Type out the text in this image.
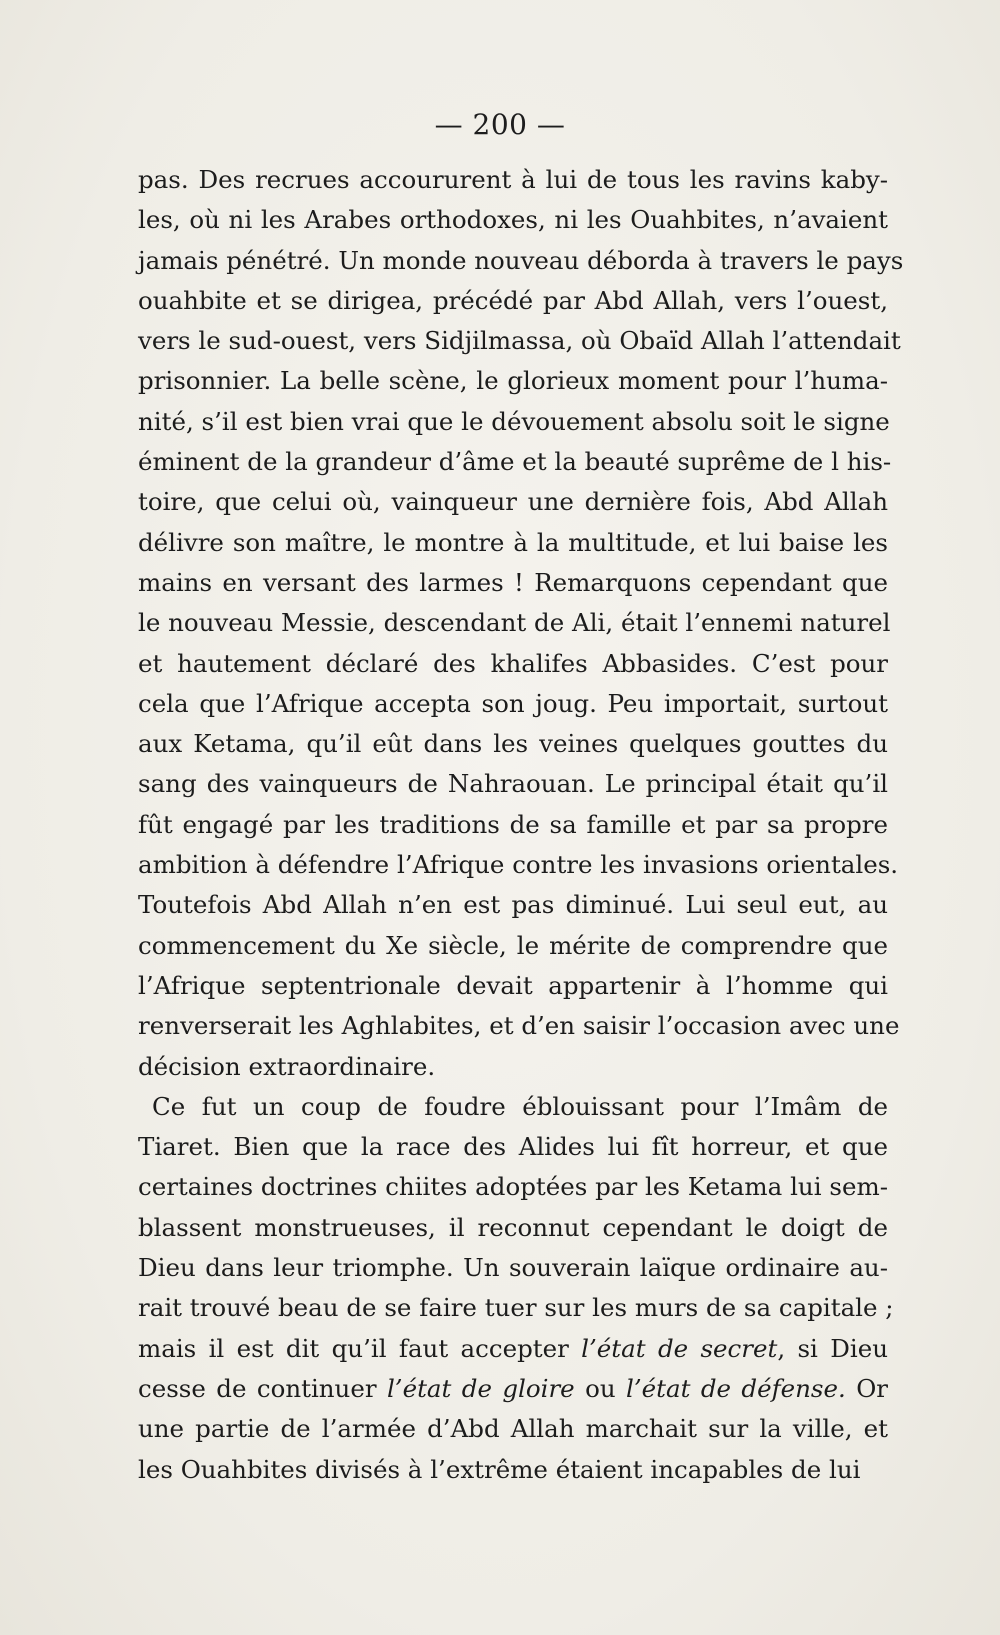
— 200 —
pas. Des recrues accoururent à lui de tous les ravins kaby-
les, où ni les Arabes orthodoxes, ni les Ouahbites, n’avaient
jamais pénétré. Un monde nouveau déborda à travers le pays
ouahbite et se dirigea, précédé par Abd Allah, vers l’ouest,
vers le sud-ouest, vers Sidjilmassa, où Obaïd Allah l’attendait
prisonnier. La belle scène, le glorieux moment pour l’huma-
nité, s’il est bien vrai que le dévouement absolu soit le signe
éminent de la grandeur d’âme et la beauté suprême de l his-
toire, que celui où, vainqueur une dernière fois, Abd Allah
délivre son maître, le montre à la multitude, et lui baise les
mains en versant des larmes ! Remarquons cependant que
le nouveau Messie, descendant de Ali, était l’ennemi naturel
et hautement déclaré des khalifes Abbasides. C’est pour
cela que l’Afrique accepta son joug. Peu importait, surtout
aux Ketama, qu’il eût dans les veines quelques gouttes du
sang des vainqueurs de Nahraouan. Le principal était qu’il
fût engagé par les traditions de sa famille et par sa propre
ambition à défendre l’Afrique contre les invasions orientales.
Toutefois Abd Allah n’en est pas diminué. Lui seul eut, au
commencement du Xe siècle, le mérite de comprendre que
l’Afrique septentrionale devait appartenir à l’homme qui
renverserait les Aghlabites, et d’en saisir l’occasion avec une
décision extraordinaire.
Ce fut un coup de foudre éblouissant pour l’Imâm de
Tiaret. Bien que la race des Alides lui fît horreur, et que
certaines doctrines chiites adoptées par les Ketama lui sem-
blassent monstrueuses, il reconnut cependant le doigt de
Dieu dans leur triomphe. Un souverain laïque ordinaire au-
rait trouvé beau de se faire tuer sur les murs de sa capitale ;
mais il est dit qu’il faut accepter l’état de secret, si Dieu
cesse de continuer l’état de gloire ou l’état de défense. Or
une partie de l’armée d’Abd Allah marchait sur la ville, et
les Ouahbites divisés à l’extrême étaient incapables de lui
